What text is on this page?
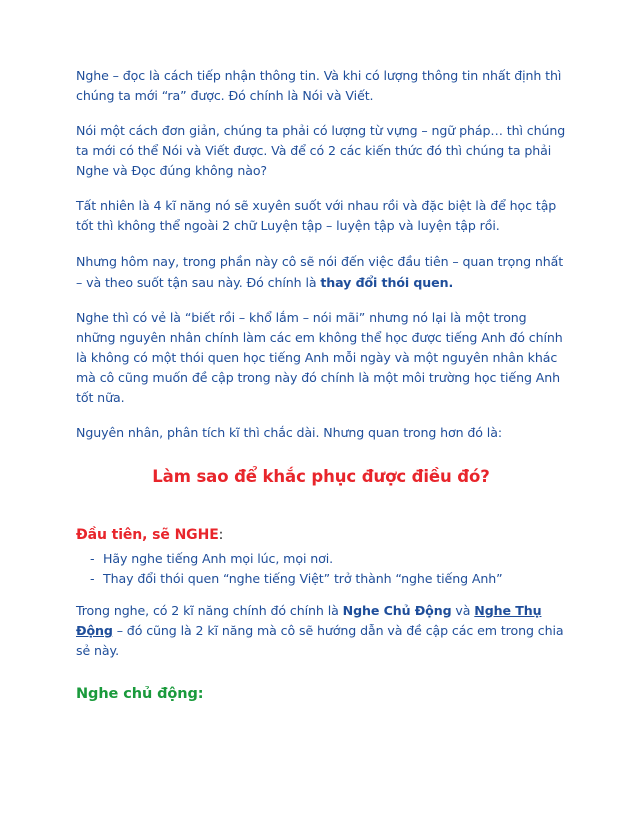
Nghe – đọc là cách tiếp nhận thông tin. Và khi có lượng thông tin nhất định thì chúng ta mới “ra” được. Đó chính là Nói và Viết.

Nói một cách đơn giản, chúng ta phải có lượng từ vựng – ngữ pháp… thì chúng ta mới có thể Nói và Viết được. Và để có 2 các kiến thức đó thì chúng ta phải Nghe và Đọc đúng không nào?

Tất nhiên là 4 kĩ năng nó sẽ xuyên suốt với nhau rồi và đặc biệt là để học tập tốt thì không thể ngoài 2 chữ Luyện tập – luyện tập và luyện tập rồi.

Nhưng hôm nay, trong phần này cô sẽ nói đến việc đầu tiên – quan trọng nhất – và theo suốt tận sau này. Đó chính là thay đổi thói quen.

Nghe thì có vẻ là “biết rồi – khổ lắm – nói mãi” nhưng nó lại là một trong những nguyên nhân chính làm các em không thể học được tiếng Anh đó chính là không có một thói quen học tiếng Anh mỗi ngày và một nguyên nhân khác mà cô cũng muốn đề cập trong này đó chính là một môi trường học tiếng Anh tốt nữa.

Nguyên nhân, phân tích kĩ thì chắc dài. Nhưng quan trong hơn đó là:

Làm sao để khắc phục được điều đó?
Đầu tiên, sẽ NGHE:
- Hãy nghe tiếng Anh mọi lúc, mọi nơi.
- Thay đổi thói quen “nghe tiếng Việt” trở thành “nghe tiếng Anh”

Trong nghe, có 2 kĩ năng chính đó chính là Nghe Chủ Động và Nghe Thụ Động – đó cũng là 2 kĩ năng mà cô sẽ hướng dẫn và đề cập các em trong chia sẻ này.

Nghe chủ động:
